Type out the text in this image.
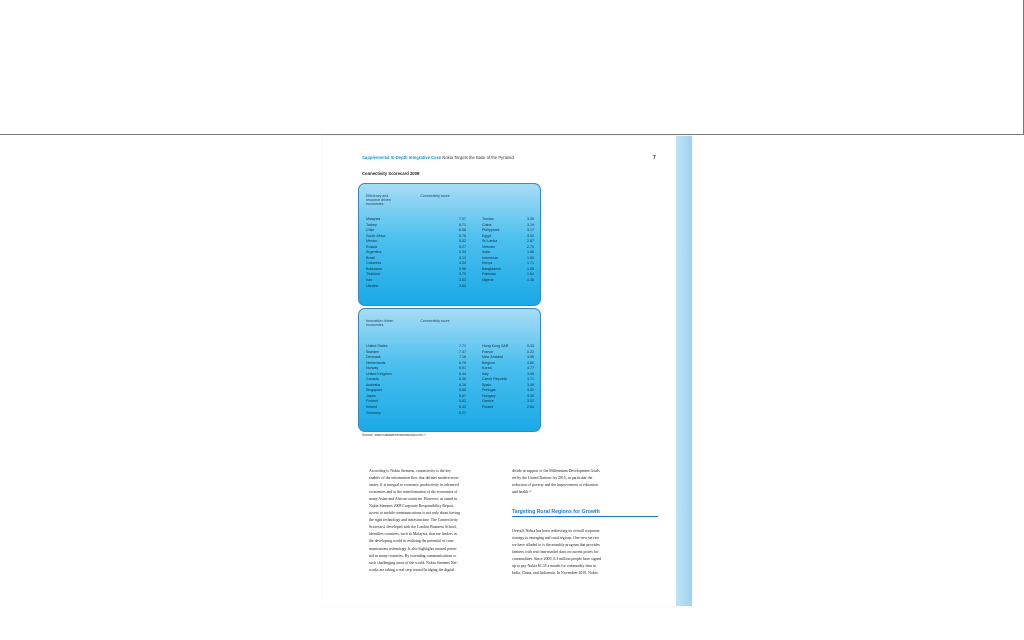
Supplemental In-Depth Integrative Case Nokia Targets the Base of the Pyramid	7
Connectivity Scorecard 2009:
Efficiency and resource driven economies
Connectivity score
Malaysia
Turkey
Chile
South Africa
Mexico
Russia
Argentina
Brazil
Colombia
Botswana
Thailand
Iran
Ukraine
7.07
6.71
6.58
5.76
5.52
5.27
5.34
5.12
4.04
3.98
3.79
3.63
3.62
Tunisia
China
Philippines
Egypt
Sri Lanka
Vietnam
India
Indonesia
Kenya
Bangladesh
Pakistan
Nigeria
3.39
3.19
3.17
3.02
2.87
2.70
1.88
1.83
1.71
1.65
1.64
1.38
Innovation driven economies
Connectivity score
United States
Sweden
Denmark
Netherlands
Norway
United Kingdom
Canada
Australia
Singapore
Japan
Finland
Ireland
Germany
7.71
7.47
7.18
6.79
6.51
6.44
6.36
6.16
5.98
5.67
5.62
5.43
5.27
Hong Kong SAR
France
New Zealand
Belgium
Korea
Italy
Czech Republic
Spain
Portugal
Hungary
Greece
Poland
5.33
5.22
4.95
4.80
4.77
3.95
3.71
3.49
3.32
3.30
3.02
2.84
Source: www.nokiasiemensnetworks.com.¹⁴
According to Nokia Siemens, connectivity is the key
enabler of the information flow that defines modern econ-
omies. It is integral to economic productivity in advanced
economies and to the transformation of the economies of
many Asian and African countries. However, as stated in
Nokia Siemens 2008 Corporate Responsibility Report,
access to mobile communications is not only about having
the right technology and infrastructure. The Connectivity
Scorecard, developed with the London Business School,
identifies countries, such as Malaysia, that are leaders in
the developing world in realizing the potential of com-
munications technology. It also highlights unused poten-
tial in many countries. By extending communications to
such challenging areas of the world, Nokia Siemens Net-
works are taking a real step toward bridging the digital
divide in support of the Millennium Development Goals
set by the United Nations for 2015, in particular the
reduction of poverty and the improvement of education
and health.¹⁵
Targeting Rural Regions for Growth
Overall, Nokia has been redirecting its overall corporate
strategy to emerging and rural regions. One new service
we have alluded to is the monthly program that provides
farmers with real time market data on current prices for
commodities. Since 2009, 6.3 million people have signed
up to pay Nokia $1.35 a month for commodity data in
India, China, and Indonesia. In November 2010, Nokia
